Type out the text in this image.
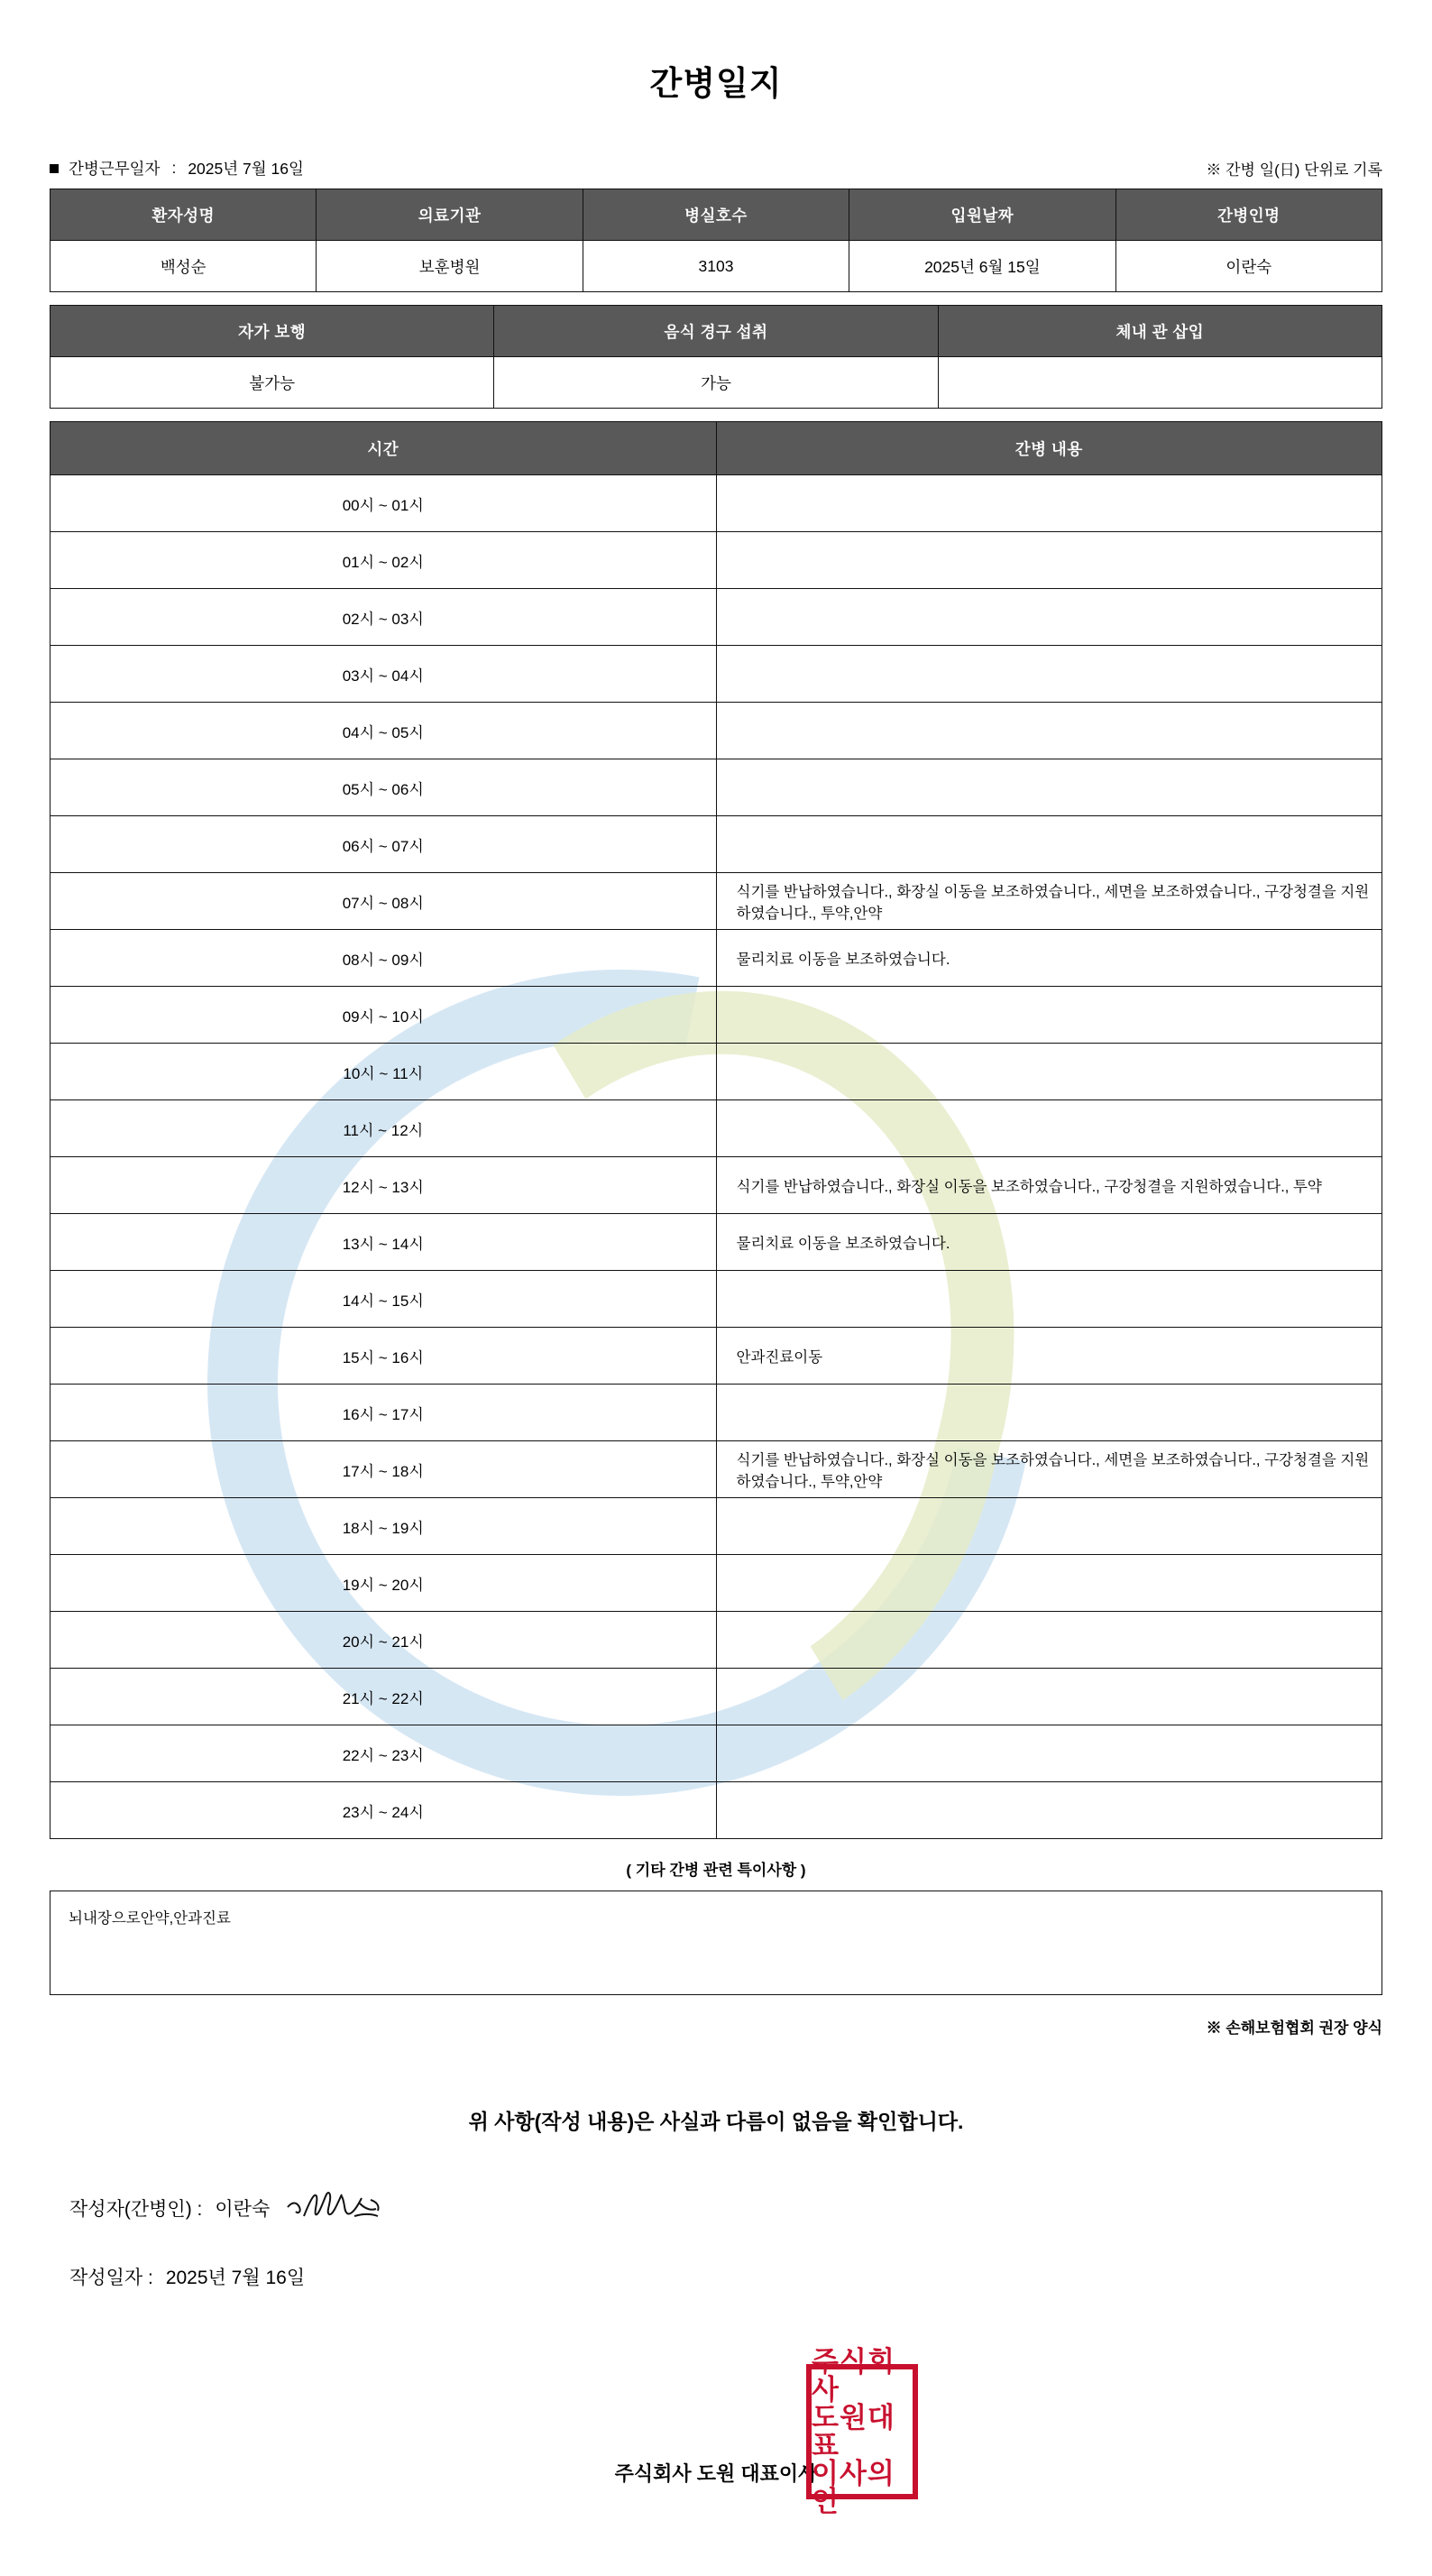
간병일지
간병근무일자 : 2025년 7월 16일	※ 간병 일(日) 단위로 기록
환자성명	의료기관	병실호수	입원날짜	간병인명
백성순	보훈병원	3103	2025년 6월 15일	이란숙
자가 보행	음식 경구 섭취	체내 관 삽입
불가능	가능	
시간	간병 내용
00시 ~ 01시	
01시 ~ 02시	
02시 ~ 03시	
03시 ~ 04시	
04시 ~ 05시	
05시 ~ 06시	
06시 ~ 07시	
07시 ~ 08시	식기를 반납하였습니다., 화장실 이동을 보조하였습니다., 세면을 보조하였습니다., 구강청결을 지원하였습니다., 투약,안약
08시 ~ 09시	물리치료 이동을 보조하였습니다.
09시 ~ 10시	
10시 ~ 11시	
11시 ~ 12시	
12시 ~ 13시	식기를 반납하였습니다., 화장실 이동을 보조하였습니다., 구강청결을 지원하였습니다., 투약
13시 ~ 14시	물리치료 이동을 보조하였습니다.
14시 ~ 15시	
15시 ~ 16시	안과진료이동
16시 ~ 17시	
17시 ~ 18시	식기를 반납하였습니다., 화장실 이동을 보조하였습니다., 세면을 보조하였습니다., 구강청결을 지원하였습니다., 투약,안약
18시 ~ 19시	
19시 ~ 20시	
20시 ~ 21시	
21시 ~ 22시	
22시 ~ 23시	
23시 ~ 24시	
( 기타 간병 관련 특이사항 )
뇌내장으로안약,안과진료
※ 손해보험협회 권장 양식
위 사항(작성 내용)은 사실과 다름이 없음을 확인합니다.
작성자(간병인) : 이란숙
작성일자 : 2025년 7월 16일
주식회사 도원 대표이사
주식회사
도원대표
이사의인
